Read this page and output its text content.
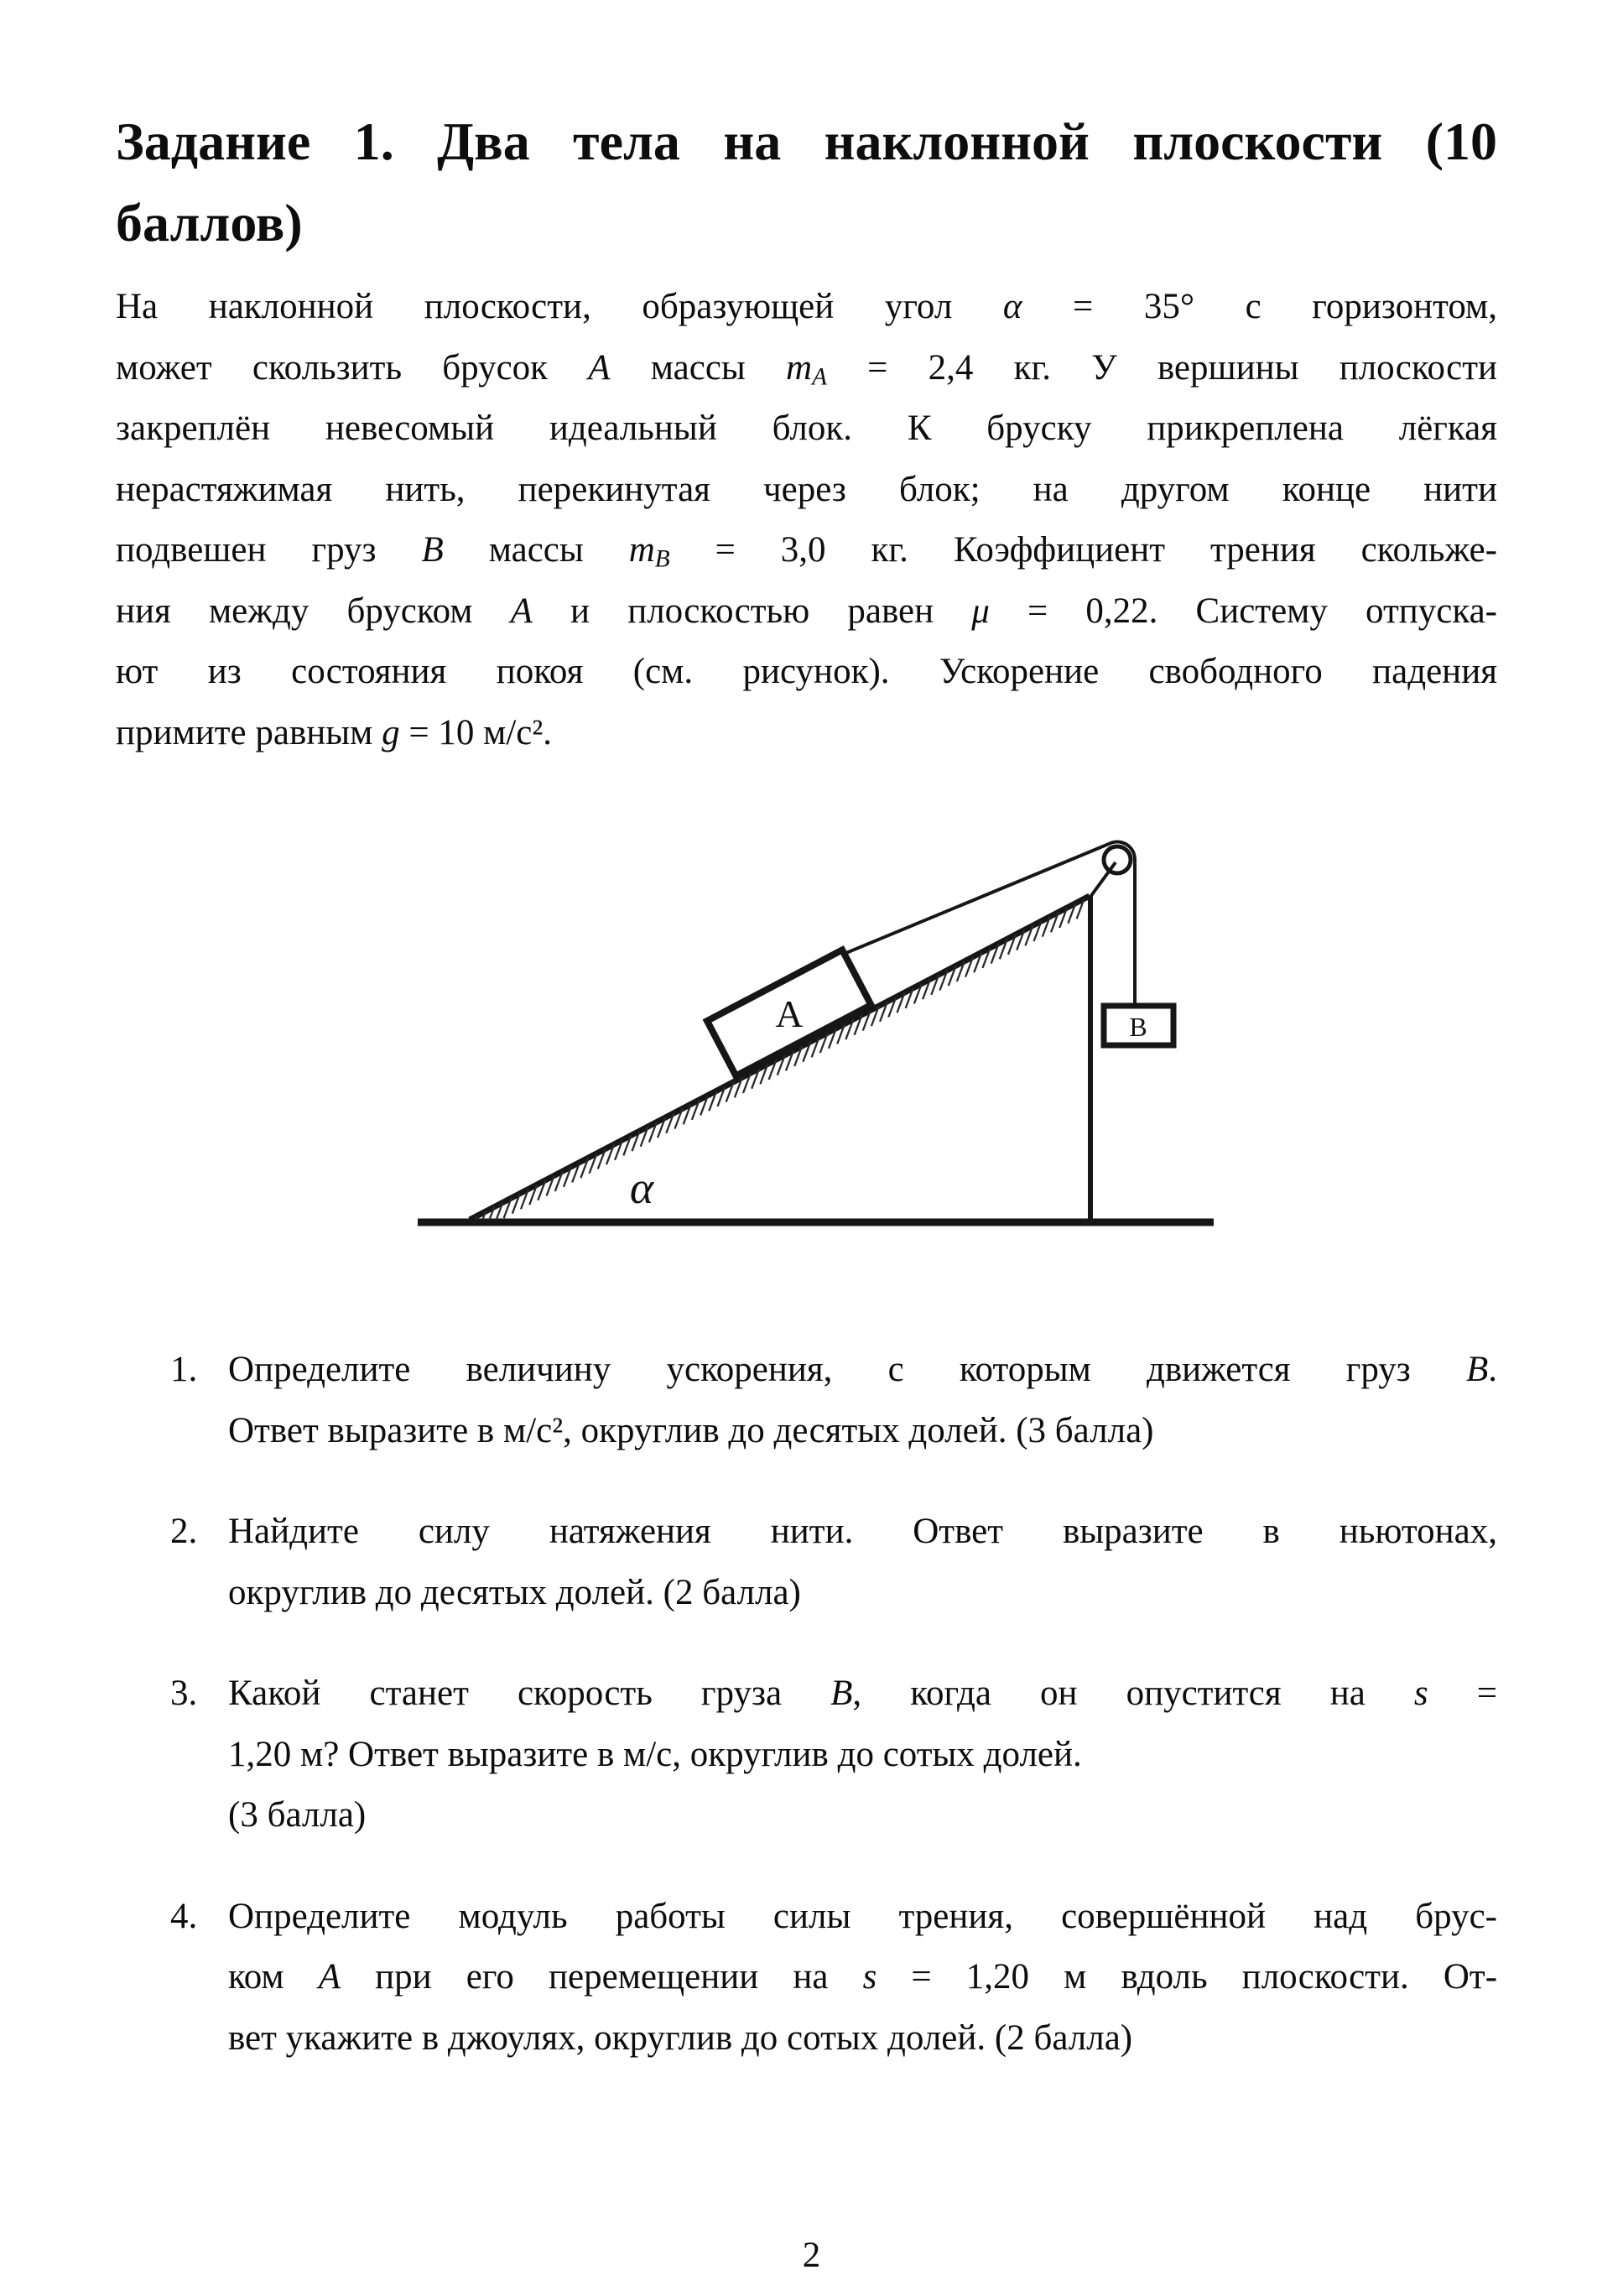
Задание 1. Два тела на наклонной плоскости (10
баллов)
На наклонной плоскости, образующей угол α = 35° с горизонтом,
может скользить брусок A массы $m_A = 2,4$ кг. У вершины плоскости
закреплён невесомый идеальный блок. К бруску прикреплена лёгкая
нерастяжимая нить, перекинутая через блок; на другом конце нити
подвешен груз B массы $m_B = 3,0$ кг. Коэффициент трения скольже-
ния между бруском A и плоскостью равен μ = 0,22. Систему отпуска-
ют из состояния покоя (см. рисунок). Ускорение свободного падения
примите равным g = 10 м/с².
A	B
α
1. Определите величину ускорения, с которым движется груз B.
Ответ выразите в м/с², округлив до десятых долей. (3 балла)
2. Найдите силу натяжения нити. Ответ выразите в ньютонах,
округлив до десятых долей. (2 балла)
3. Какой станет скорость груза B, когда он опустится на s =
1,20 м? Ответ выразите в м/с, округлив до сотых долей.
(3 балла)
4. Определите модуль работы силы трения, совершённой над брус-
ком A при его перемещении на s = 1,20 м вдоль плоскости. От-
вет укажите в джоулях, округлив до сотых долей. (2 балла)
2
